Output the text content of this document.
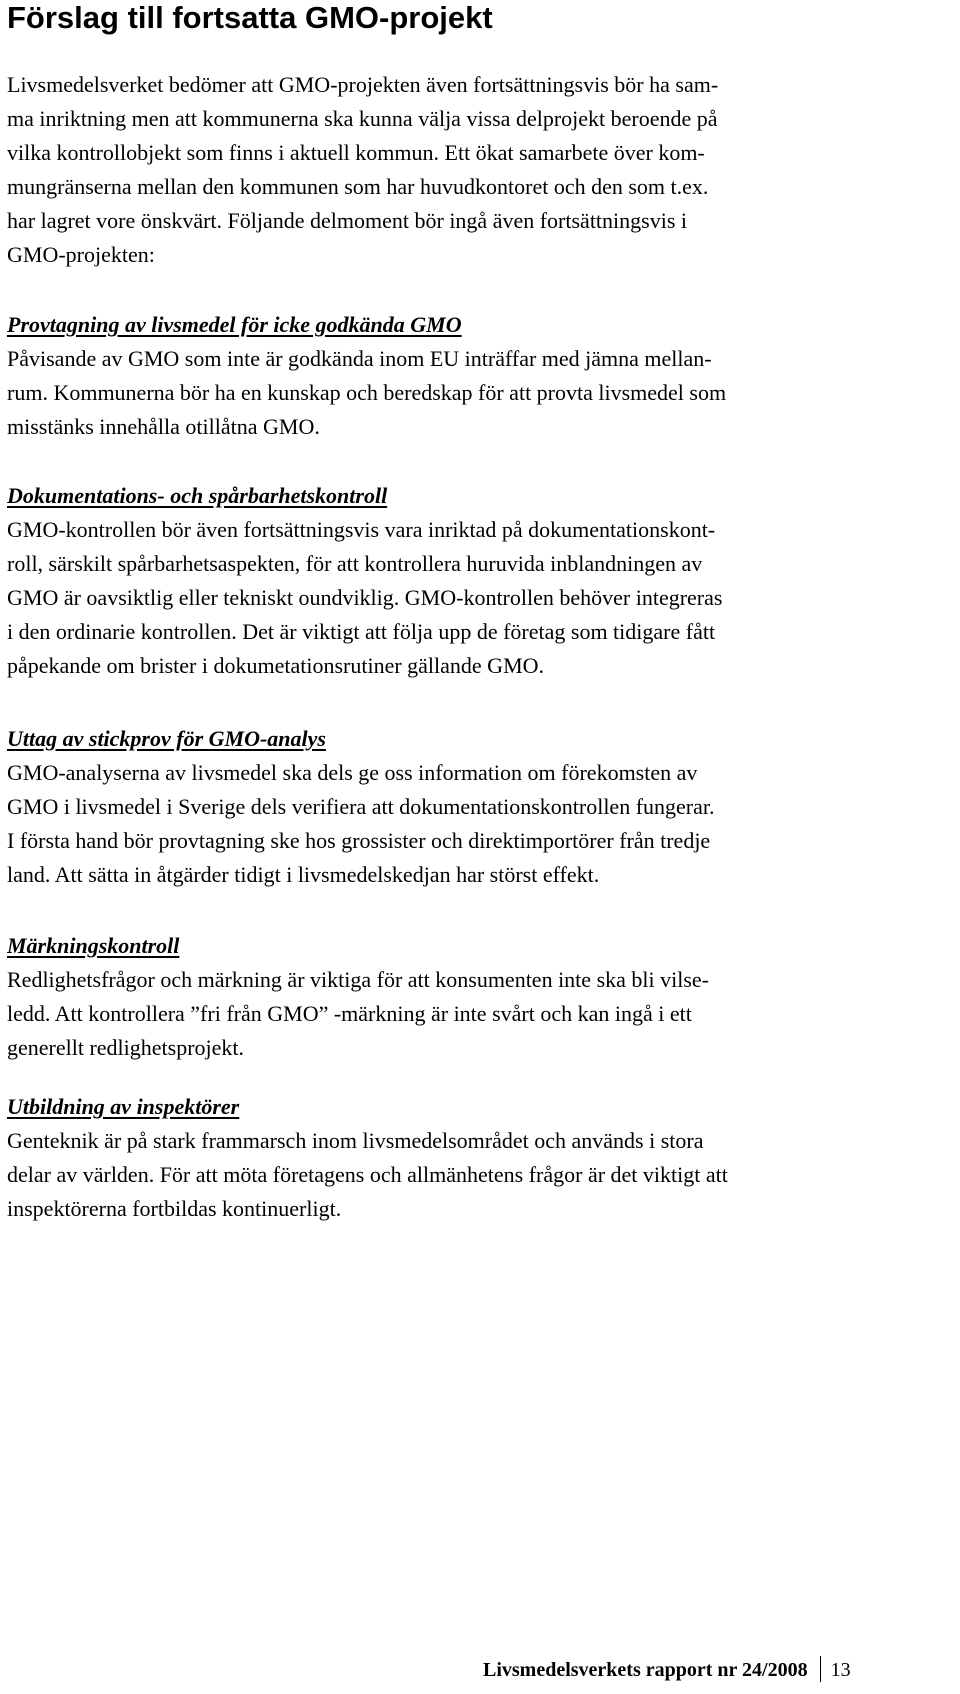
Förslag till fortsatta GMO-projekt
Livsmedelsverket bedömer att GMO-projekten även fortsättningsvis bör ha sam-
ma inriktning men att kommunerna ska kunna välja vissa delprojekt beroende på
vilka kontrollobjekt som finns i aktuell kommun. Ett ökat samarbete över kom-
mungränserna mellan den kommunen som har huvudkontoret och den som t.ex.
har lagret vore önskvärt. Följande delmoment bör ingå även fortsättningsvis i
GMO-projekten:
Provtagning av livsmedel för icke godkända GMO
Påvisande av GMO som inte är godkända inom EU inträffar med jämna mellan-
rum. Kommunerna bör ha en kunskap och beredskap för att provta livsmedel som
misstänks innehålla otillåtna GMO.
Dokumentations- och spårbarhetskontroll
GMO-kontrollen bör även fortsättningsvis vara inriktad på dokumentationskont-
roll, särskilt spårbarhetsaspekten, för att kontrollera huruvida inblandningen av
GMO är oavsiktlig eller tekniskt oundviklig. GMO-kontrollen behöver integreras
i den ordinarie kontrollen. Det är viktigt att följa upp de företag som tidigare fått
påpekande om brister i dokumetationsrutiner gällande GMO.
Uttag av stickprov för GMO-analys
GMO-analyserna av livsmedel ska dels ge oss information om förekomsten av
GMO i livsmedel i Sverige dels verifiera att dokumentationskontrollen fungerar.
I första hand bör provtagning ske hos grossister och direktimportörer från tredje
land. Att sätta in åtgärder tidigt i livsmedelskedjan har störst effekt.
Märkningskontroll
Redlighetsfrågor och märkning är viktiga för att konsumenten inte ska bli vilse-
ledd. Att kontrollera ”fri från GMO” -märkning är inte svårt och kan ingå i ett
generellt redlighetsprojekt.
Utbildning av inspektörer
Genteknik är på stark frammarsch inom livsmedelsområdet och används i stora
delar av världen. För att möta företagens och allmänhetens frågor är det viktigt att
inspektörerna fortbildas kontinuerligt.
Livsmedelsverkets rapport nr 24/2008 13
